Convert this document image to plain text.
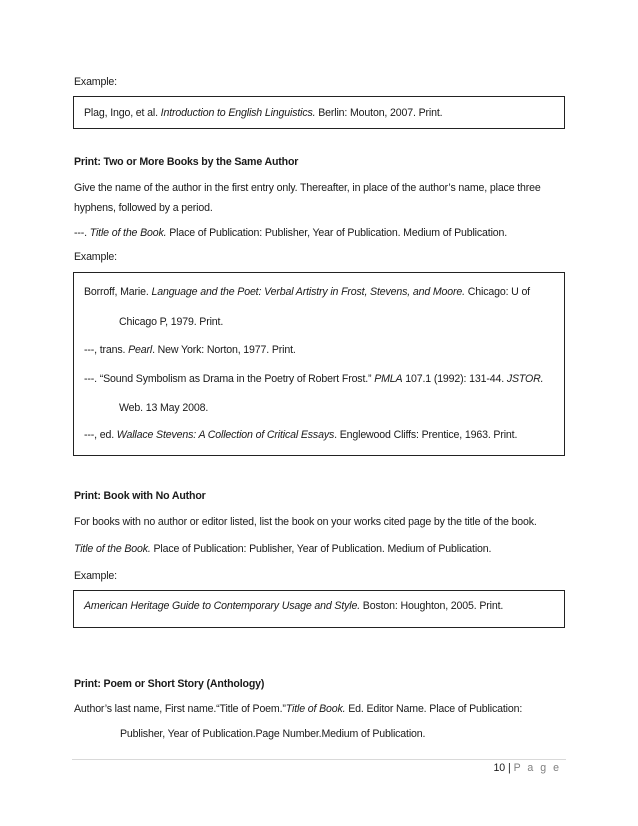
Example:
Plag, Ingo, et al. Introduction to English Linguistics. Berlin: Mouton, 2007. Print.
Print: Two or More Books by the Same Author
Give the name of the author in the first entry only. Thereafter, in place of the author’s name, place three
hyphens, followed by a period.
---. Title of the Book. Place of Publication: Publisher, Year of Publication. Medium of Publication.
Example:
Borroff, Marie. Language and the Poet: Verbal Artistry in Frost, Stevens, and Moore. Chicago: U of
Chicago P, 1979. Print.
---, trans. Pearl. New York: Norton, 1977. Print.
---. “Sound Symbolism as Drama in the Poetry of Robert Frost.” PMLA 107.1 (1992): 131-44. JSTOR.
Web. 13 May 2008.
---, ed. Wallace Stevens: A Collection of Critical Essays. Englewood Cliffs: Prentice, 1963. Print.
Print: Book with No Author
For books with no author or editor listed, list the book on your works cited page by the title of the book.
Title of the Book. Place of Publication: Publisher, Year of Publication. Medium of Publication.
Example:
American Heritage Guide to Contemporary Usage and Style. Boston: Houghton, 2005. Print.
Print: Poem or Short Story (Anthology)
Author’s last name, First name.“Title of Poem.”Title of Book. Ed. Editor Name. Place of Publication:
Publisher, Year of Publication.Page Number.Medium of Publication.
10 | P a g e
